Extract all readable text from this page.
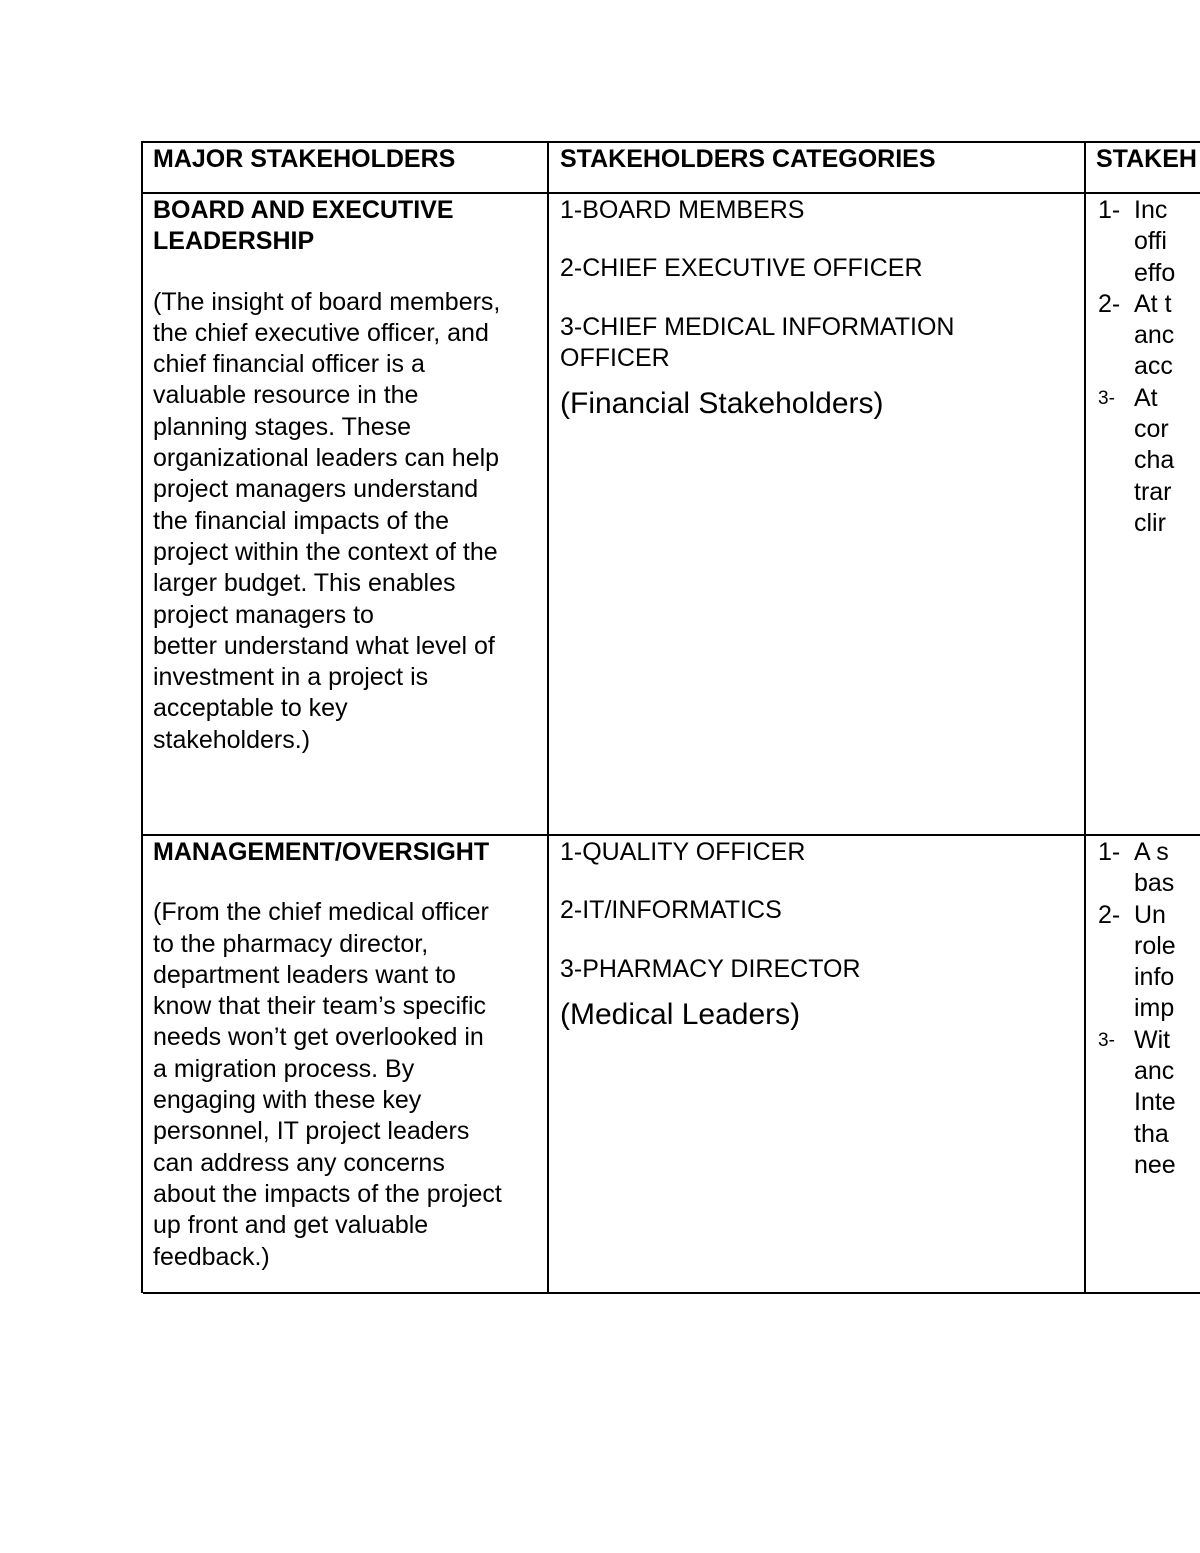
MAJOR STAKEHOLDERS	STAKEHOLDERS CATEGORIES	STAKEH
BOARD AND EXECUTIVE
LEADERSHIP
(The insight of board members,
the chief executive officer, and
chief financial officer is a
valuable resource in the
planning stages. These
organizational leaders can help
project managers understand
the financial impacts of the
project within the context of the
larger budget. This enables
project managers to
better understand what level of
investment in a project is
acceptable to key
stakeholders.)
1-BOARD MEMBERS
2-CHIEF EXECUTIVE OFFICER
3-CHIEF MEDICAL INFORMATION
OFFICER
(Financial Stakeholders)
1- Inc
offi
effo
2- At t
anc
acc
3- At
cor
cha
trar
clir
MANAGEMENT/OVERSIGHT
(From the chief medical officer
to the pharmacy director,
department leaders want to
know that their team’s specific
needs won’t get overlooked in
a migration process. By
engaging with these key
personnel, IT project leaders
can address any concerns
about the impacts of the project
up front and get valuable
feedback.)
1-QUALITY OFFICER
2-IT/INFORMATICS
3-PHARMACY DIRECTOR
(Medical Leaders)
1- A s
bas
2- Un
role
info
imp
3- Wit
anc
Inte
tha
nee
